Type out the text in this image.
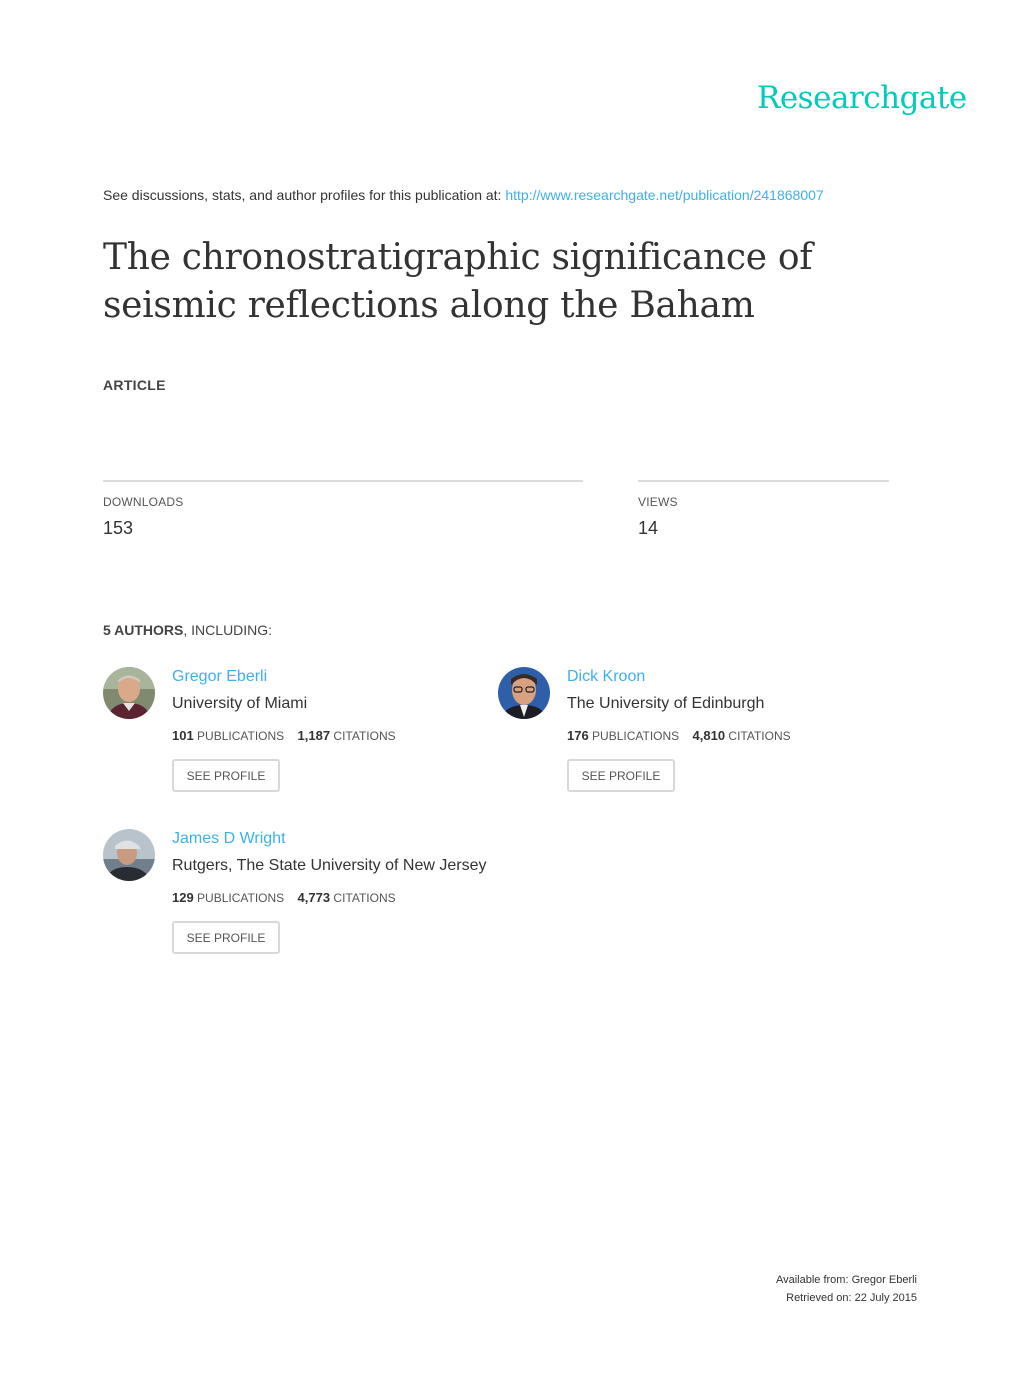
Researchgate
See discussions, stats, and author profiles for this publication at: http://www.researchgate.net/publication/241868007
The chronostratigraphic significance of seismic reflections along the Baham
ARTICLE
DOWNLOADS
153
VIEWS
14
5 AUTHORS, INCLUDING:
Gregor Eberli
University of Miami
101 PUBLICATIONS 1,187 CITATIONS
SEE PROFILE
Dick Kroon
The University of Edinburgh
176 PUBLICATIONS 4,810 CITATIONS
SEE PROFILE
James D Wright
Rutgers, The State University of New Jersey
129 PUBLICATIONS 4,773 CITATIONS
SEE PROFILE
Available from: Gregor Eberli
Retrieved on: 22 July 2015
